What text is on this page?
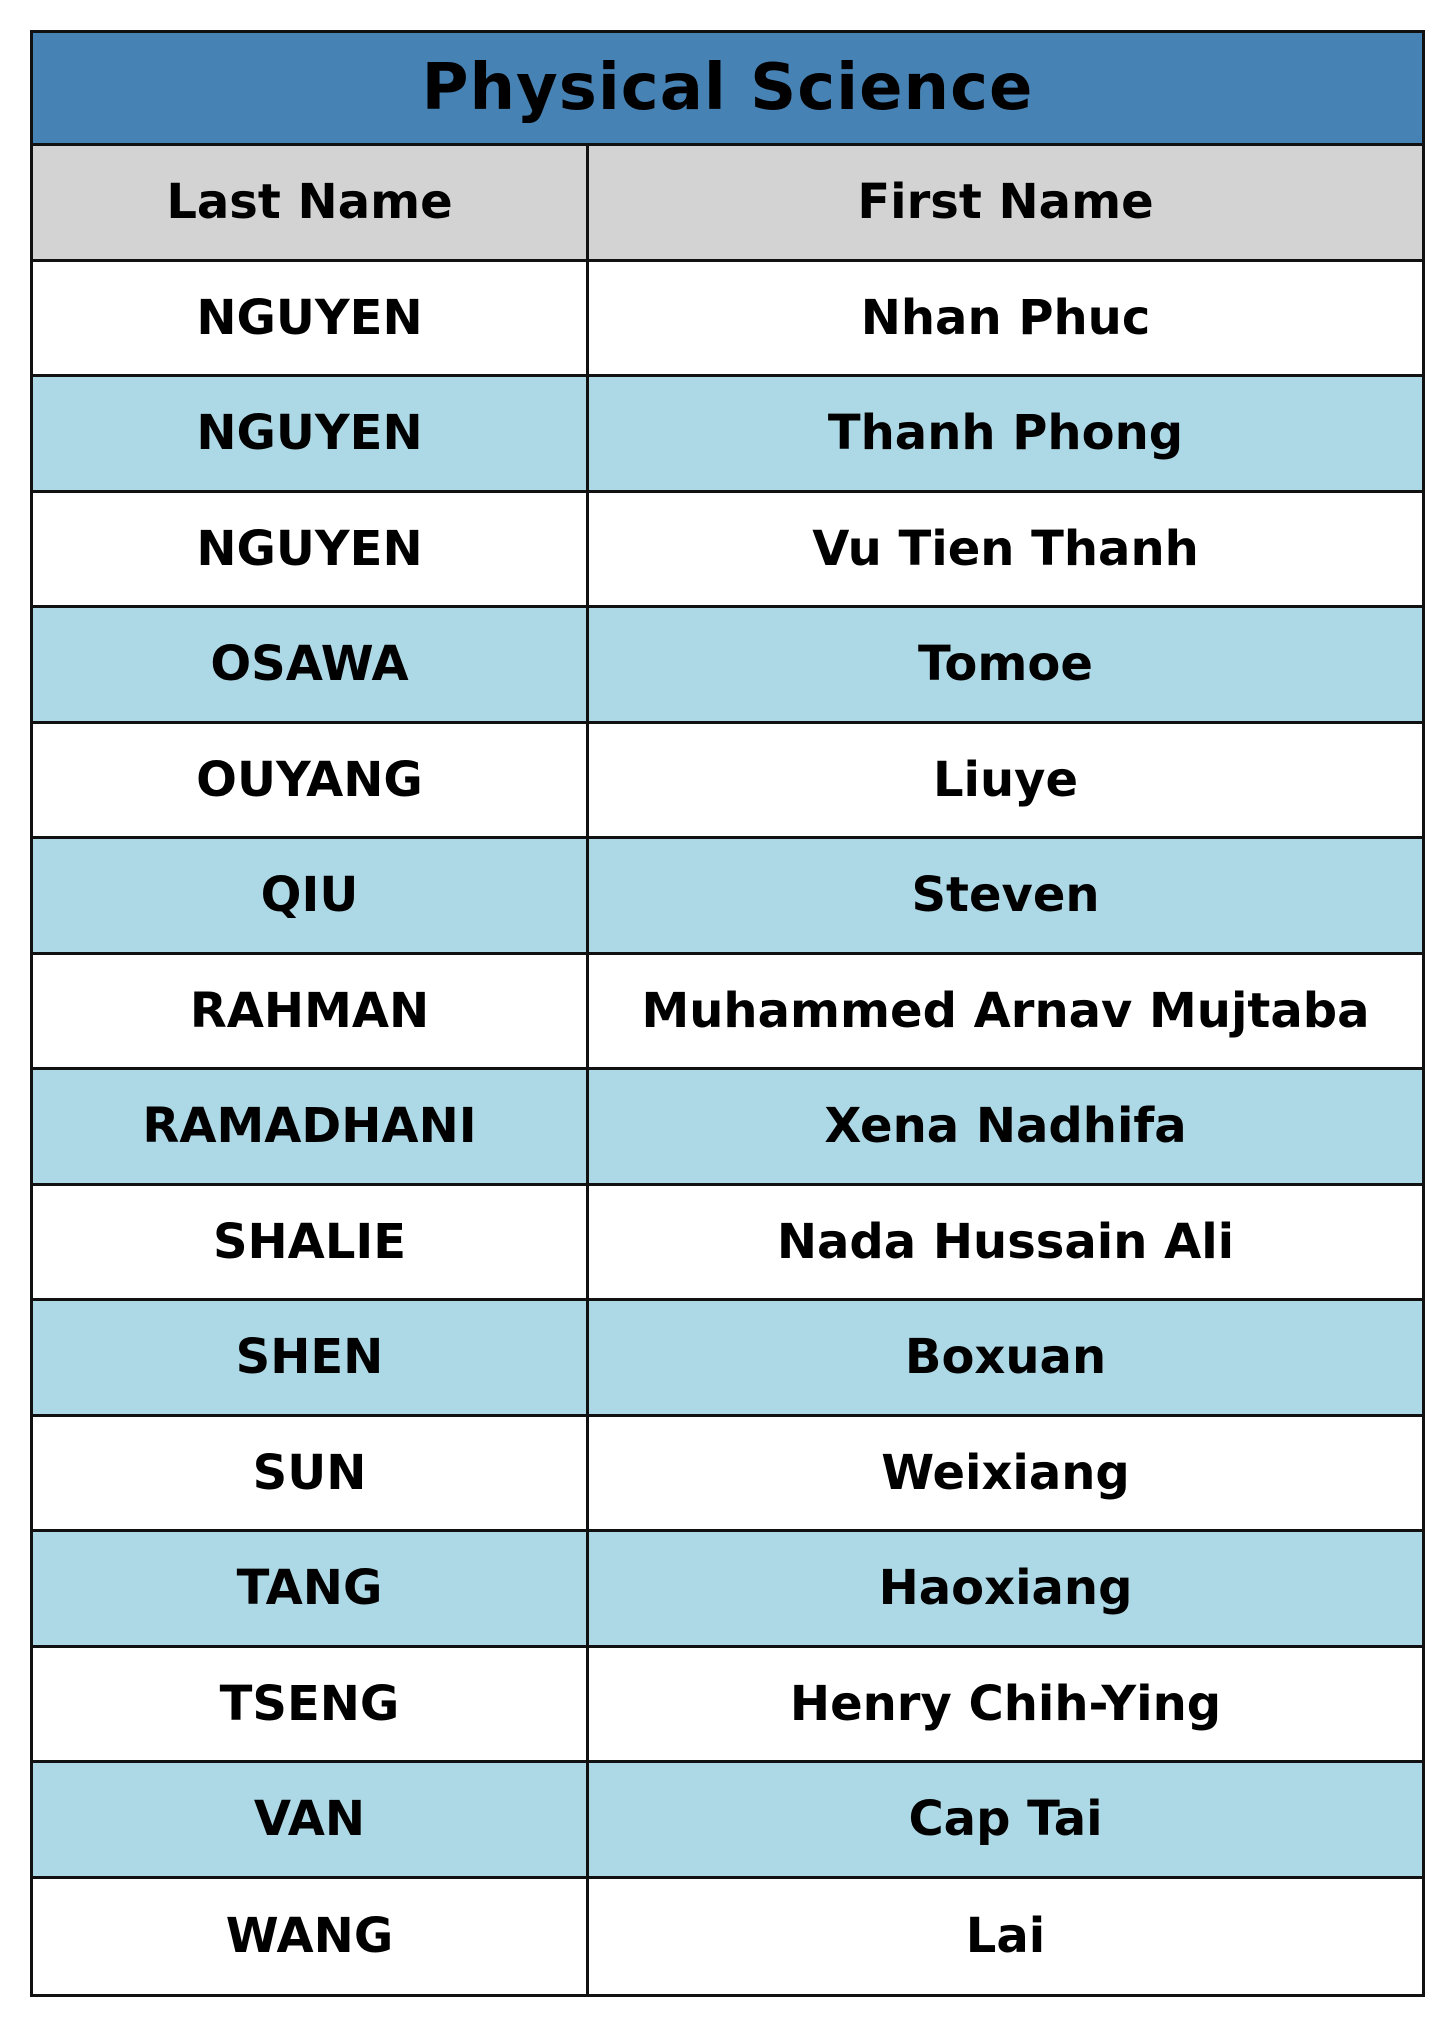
Physical Science
Last Name	First Name
NGUYEN	Nhan Phuc
NGUYEN	Thanh Phong
NGUYEN	Vu Tien Thanh
OSAWA	Tomoe
OUYANG	Liuye
QIU	Steven
RAHMAN	Muhammed Arnav Mujtaba
RAMADHANI	Xena Nadhifa
SHALIE	Nada Hussain Ali
SHEN	Boxuan
SUN	Weixiang
TANG	Haoxiang
TSENG	Henry Chih-Ying
VAN	Cap Tai
WANG	Lai
